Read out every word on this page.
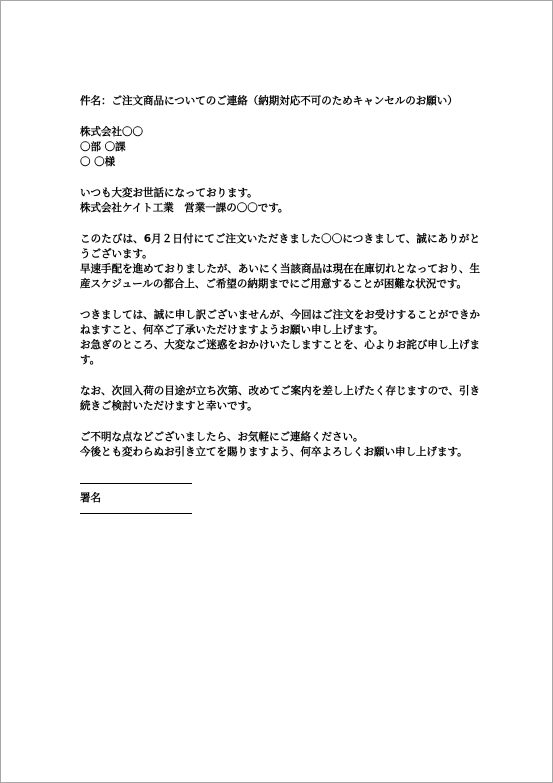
件名：ご注文商品についてのご連絡（納期対応不可のためキャンセルのお願い）
株式会社〇〇
〇部 〇課
〇 〇様
いつも大変お世話になっております。
株式会社ケイト工業　営業一課の〇〇です。
このたびは、6月２日付にてご注文いただきました〇〇につきまして、誠にありがとうございます。
早速手配を進めておりましたが、あいにく当該商品は現在在庫切れとなっており、生産スケジュールの都合上、ご希望の納期までにご用意することが困難な状況です。
つきましては、誠に申し訳ございませんが、今回はご注文をお受けすることができかねますこと、何卒ご了承いただけますようお願い申し上げます。
お急ぎのところ、大変なご迷惑をおかけいたしますことを、心よりお詫び申し上げます。
なお、次回入荷の目途が立ち次第、改めてご案内を差し上げたく存じますので、引き続きご検討いただけますと幸いです。
ご不明な点などございましたら、お気軽にご連絡ください。
今後とも変わらぬお引き立てを賜りますよう、何卒よろしくお願い申し上げます。
署名
